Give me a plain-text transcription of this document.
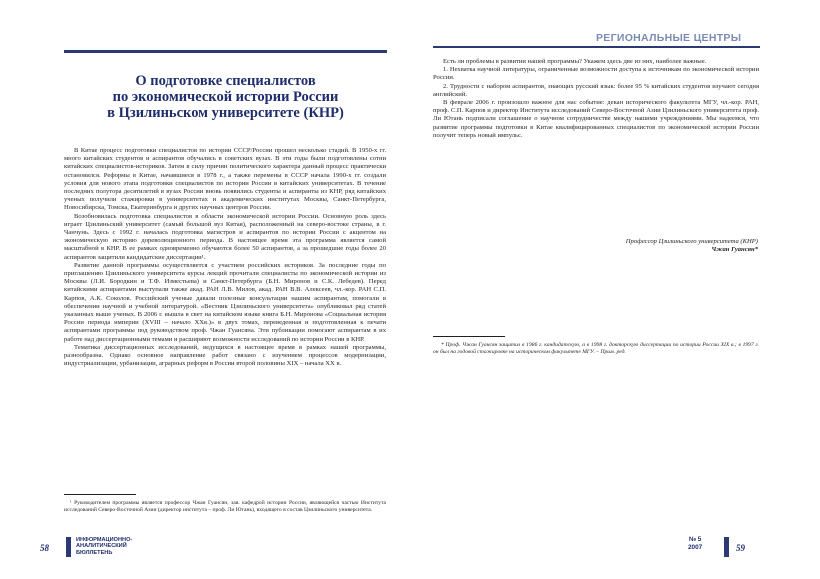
О подготовке специалистов
по экономической истории России
в Цзилиньском университете (КНР)

В Китае процесс подготовки специалистов по истории СССР/России прошел несколько стадий. В 1950-х гг. много китайских студентов и аспирантов обучались в советских вузах. В эти годы были подготовлены сотни китайских специалистов-историков. Затем в силу причин политического характера данный процесс практически остановился. Реформы в Китае, начавшиеся в 1978 г., а также перемены в СССР начала 1990-х гг. создали условия для нового этапа подготовки специалистов по истории России в китайских университетах. В течение последних полутора десятилетий в вузах России вновь появились студенты и аспиранты из КНР, ряд китайских ученых получили стажировки в университетах и академических институтах Москвы, Санкт-Петербурга, Новосибирска, Томска, Екатеринбурга и других научных центров России.

Возобновилась подготовка специалистов в области экономической истории России. Основную роль здесь играет Цзилиньский университет (самый большой вуз Китая), расположенный на северо-востоке страны, в г. Чанчунь. Здесь с 1992 г. началась подготовка магистров и аспирантов по истории России с акцентом на экономическую историю дореволюционного периода. В настоящее время эта программа является самой масштабной в КНР. В ее рамках одновременно обучаются более 50 аспирантов, а за прошедшие годы более 20 аспирантов защитили кандидатские диссертации¹.

Развитие данной программы осуществляется с участием российских историков. За последние годы по приглашению Цзилиньского университета курсы лекций прочитали специалисты по экономической истории из Москвы (Л.И. Бородкин и Т.Ф. Изместьева) и Санкт-Петербурга (Б.Н. Миронов и С.К. Лебедев). Перед китайскими аспирантами выступали также акад. РАН Л.В. Милов, акад. РАН В.В. Алексеев, чл.-кор. РАН С.П. Карпов, А.К. Соколов. Российский ученые давали полезные консультации нашим аспирантам, помогали в обеспечении научной и учебной литературой. «Вестник Цзилиньского университета» опубликовал ряд статей указанных выше ученых. В 2006 г. вышла в свет на китайском языке книга Б.Н. Миронова «Социальная история России периода империи (XVIII – начало XXв.)» в двух томах, переведенная и подготовленная к печати аспирантами программы под руководством проф. Чжан Гуансяна. Эти публикации помогают аспирантам в их работе над диссертационными темами и расширяют возможности исследований по истории России в КНР.

Тематика диссертационных исследований, ведущихся в настоящее время в рамках нашей программы, разнообразна. Однако основное направление работ связано с изучением процессов модернизации, индустриализации, урбанизации, аграрных реформ в России второй половины XIX – начала XX в.

¹ Руководителем программы является профессор Чжан Гуансян, зав. кафедрой истории России, являющейся частью Института исследований Северо-Восточной Азии (директор института – проф. Ли Ютань), входящего в состав Цзилиньского университета.

58
ИНФОРМАЦИОННО-
АНАЛИТИЧЕСКИЙ
БЮЛЛЕТЕНЬ
РЕГИОНАЛЬНЫЕ ЦЕНТРЫ

Есть ли проблемы в развитии нашей программы? Укажем здесь две из них, наиболее важные.

1. Нехватка научной литературы, ограниченные возможности доступа к источникам по экономической истории России.

2. Трудности с набором аспирантов, знающих русский язык: более 95 % китайских студентов изучают сегодня английский.

В феврале 2006 г. произошло важное для нас событие: декан исторического факультета МГУ, чл.-кор. РАН, проф. С.П. Карпов и директор Института исследований Северо-Восточной Азии Цзилиньского университета проф. Ли Ютань подписали соглашение о научном сотрудничестве между нашими учреждениями. Мы надеемся, что развитие программы подготовки в Китае квалифицированных специалистов по экономической истории России получит теперь новый импульс.

Профессор Цзилиньского университета (КНР)
Чжан Гуансян*

* Проф. Чжан Гуансян защитил в 1986 г. кандидатскую, а в 1998 г. докторскую диссертации по истории России XIX в.; в 1997 г. он был на годовой стажировке на историческом факультете МГУ. – Прим. ред.

№ 5
2007	59
